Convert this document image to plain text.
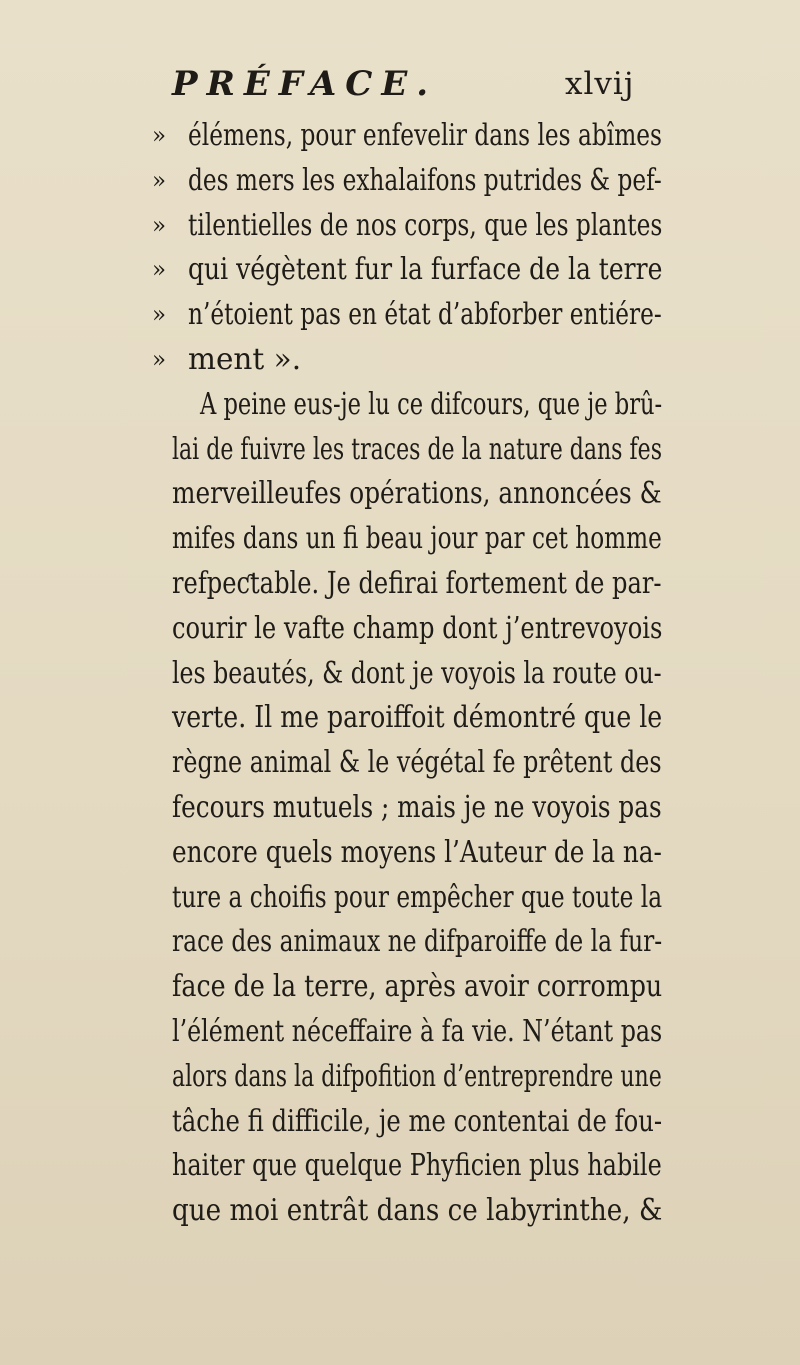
PRÉFACE.	xlvij
» élémens, pour enfevelir dans les abîmes
» des mers les exhalaifons putrides & pef-
» tilentielles de nos corps, que les plantes
» qui végètent fur la furface de la terre
» n’étoient pas en état d’abforber entiére-
» ment ».
A peine eus-je lu ce difcours, que je brû-
lai de fuivre les traces de la nature dans fes
merveilleufes opérations, annoncées &
mifes dans un fi beau jour par cet homme
refpeƈtable. Je defirai fortement de par-
courir le vafte champ dont j’entrevoyois
les beautés, & dont je voyois la route ou-
verte. Il me paroiffoit démontré que le
règne animal & le végétal fe prêtent des
fecours mutuels ; mais je ne voyois pas
encore quels moyens l’Auteur de la na-
ture a choifis pour empêcher que toute la
race des animaux ne difparoiffe de la fur-
face de la terre, après avoir corrompu
l’élément néceffaire à fa vie. N’étant pas
alors dans la difpofition d’entreprendre une
tâche fi difficile, je me contentai de fou-
haiter que quelque Phyficien plus habile
que moi entrât dans ce labyrinthe, &
